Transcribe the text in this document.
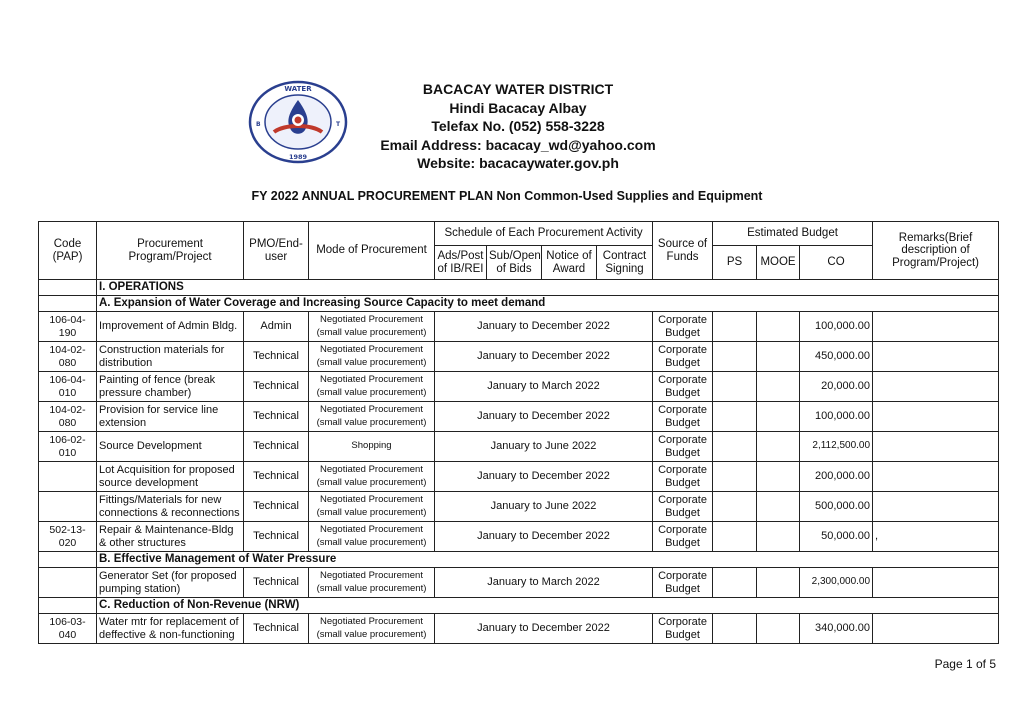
WATER
1989
B	T
BACACAY WATER DISTRICT
Hindi Bacacay Albay
Telefax No. (052) 558-3228
Email Address: bacacay_wd@yahoo.com
Website: bacacaywater.gov.ph
FY 2022 ANNUAL PROCUREMENT PLAN Non Common-Used Supplies and Equipment
Code (PAP)	Procurement Program/Project	PMO/End-user	Mode of Procurement	Schedule of Each Procurement Activity				Source of Funds	Estimated Budget			Remarks(Brief description of Program/Project)
				Ads/Post of IB/REI	Sub/Open of Bids	Notice of Award	Contract Signing		PS	MOOE	CO	
	I. OPERATIONS											
	A. Expansion of Water Coverage and Increasing Source Capacity to meet demand											
106-04-190	Improvement of Admin Bldg.	Admin	Negotiated Procurement (small value procurement)	January to December 2022				Corporate Budget			100,000.00	
104-02-080	Construction materials for distribution	Technical	Negotiated Procurement (small value procurement)	January to December 2022				Corporate Budget			450,000.00	
106-04-010	Painting of fence (break pressure chamber)	Technical	Negotiated Procurement (small value procurement)	January to March 2022				Corporate Budget			20,000.00	
104-02-080	Provision for service line extension	Technical	Negotiated Procurement (small value procurement)	January to December 2022				Corporate Budget			100,000.00	
106-02-010	Source Development	Technical	Shopping	January to June 2022				Corporate Budget			2,112,500.00	
	Lot Acquisition for proposed source development	Technical	Negotiated Procurement (small value procurement)	January to December 2022				Corporate Budget			200,000.00	
	Fittings/Materials for new connections & reconnections	Technical	Negotiated Procurement (small value procurement)	January to June 2022				Corporate Budget			500,000.00	
502-13-020	Repair & Maintenance-Bldg & other structures	Technical	Negotiated Procurement (small value procurement)	January to December 2022				Corporate Budget			50,000.00	,
	B. Effective Management of Water Pressure											
	Generator Set (for proposed pumping station)	Technical	Negotiated Procurement (small value procurement)	January to March 2022				Corporate Budget			2,300,000.00	
	C. Reduction of Non-Revenue (NRW)											
106-03-040	Water mtr for replacement of deffective & non-functioning	Technical	Negotiated Procurement (small value procurement)	January to December 2022				Corporate Budget			340,000.00	
Page 1 of 5
